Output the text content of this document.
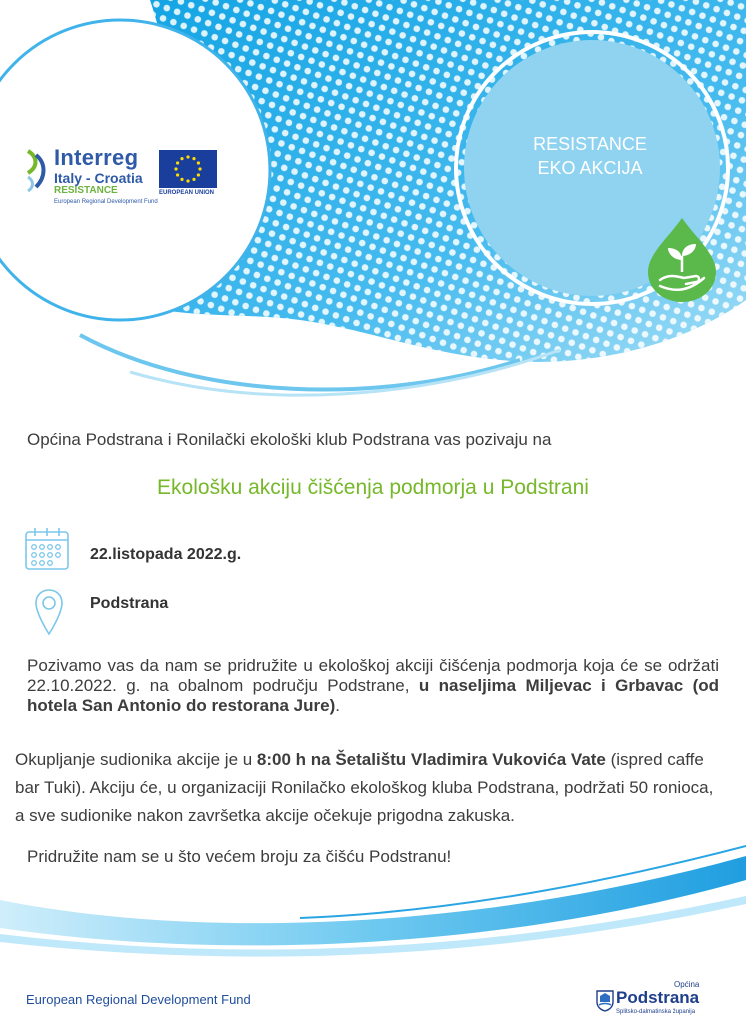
Interreg
Italy - Croatia
RESISTANCE
European Regional Development Fund
EUROPEAN UNION
RESISTANCE
EKO AKCIJA
Općina Podstrana i Ronilački ekološki klub Podstrana vas pozivaju na
Ekološku akciju čišćenja podmorja u Podstrani
22.listopada 2022.g.
Podstrana
Pozivamo vas da nam se pridružite u ekološkoj akciji čišćenja podmorja koja će se održati 22.10.2022. g. na obalnom području Podstrane, u naseljima Miljevac i Grbavac (od hotela San Antonio do restorana Jure).
Okupljanje sudionika akcije je u 8:00 h na Šetalištu Vladimira Vukovića Vate (ispred caffe bar Tuki). Akciju će, u organizaciji Ronilačko ekološkog kluba Podstrana, podržati 50 ronioca, a sve sudionike nakon završetka akcije očekuje prigodna zakuska.
Pridružite nam se u što većem broju za čišću Podstranu!
European Regional Development Fund
Općina
Podstrana
Splitsko-dalmatinska županija
